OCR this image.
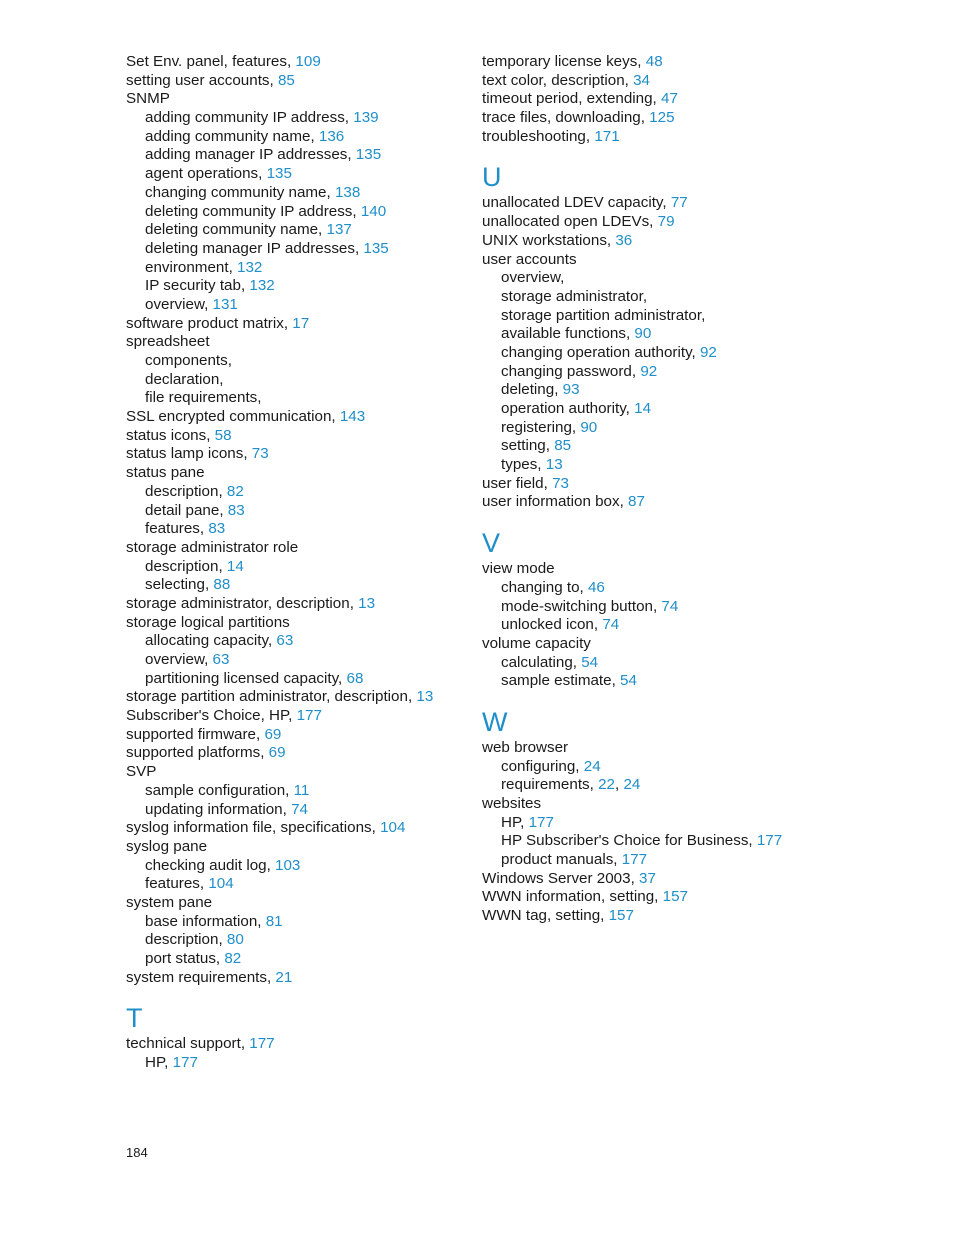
Set Env. panel, features, 109
setting user accounts, 85
SNMP
adding community IP address, 139
adding community name, 136
adding manager IP addresses, 135
agent operations, 135
changing community name, 138
deleting community IP address, 140
deleting community name, 137
deleting manager IP addresses, 135
environment, 132
IP security tab, 132
overview, 131
software product matrix, 17
spreadsheet
components,
declaration,
file requirements,
SSL encrypted communication, 143
status icons, 58
status lamp icons, 73
status pane
description, 82
detail pane, 83
features, 83
storage administrator role
description, 14
selecting, 88
storage administrator, description, 13
storage logical partitions
allocating capacity, 63
overview, 63
partitioning licensed capacity, 68
storage partition administrator, description, 13
Subscriber's Choice, HP, 177
supported firmware, 69
supported platforms, 69
SVP
sample configuration, 11
updating information, 74
syslog information file, specifications, 104
syslog pane
checking audit log, 103
features, 104
system pane
base information, 81
description, 80
port status, 82
system requirements, 21
T
technical support, 177
HP, 177
temporary license keys, 48
text color, description, 34
timeout period, extending, 47
trace files, downloading, 125
troubleshooting, 171
U
unallocated LDEV capacity, 77
unallocated open LDEVs, 79
UNIX workstations, 36
user accounts
overview,
storage administrator,
storage partition administrator,
available functions, 90
changing operation authority, 92
changing password, 92
deleting, 93
operation authority, 14
registering, 90
setting, 85
types, 13
user field, 73
user information box, 87
V
view mode
changing to, 46
mode-switching button, 74
unlocked icon, 74
volume capacity
calculating, 54
sample estimate, 54
W
web browser
configuring, 24
requirements, 22, 24
websites
HP, 177
HP Subscriber's Choice for Business, 177
product manuals, 177
Windows Server 2003, 37
WWN information, setting, 157
WWN tag, setting, 157
184
